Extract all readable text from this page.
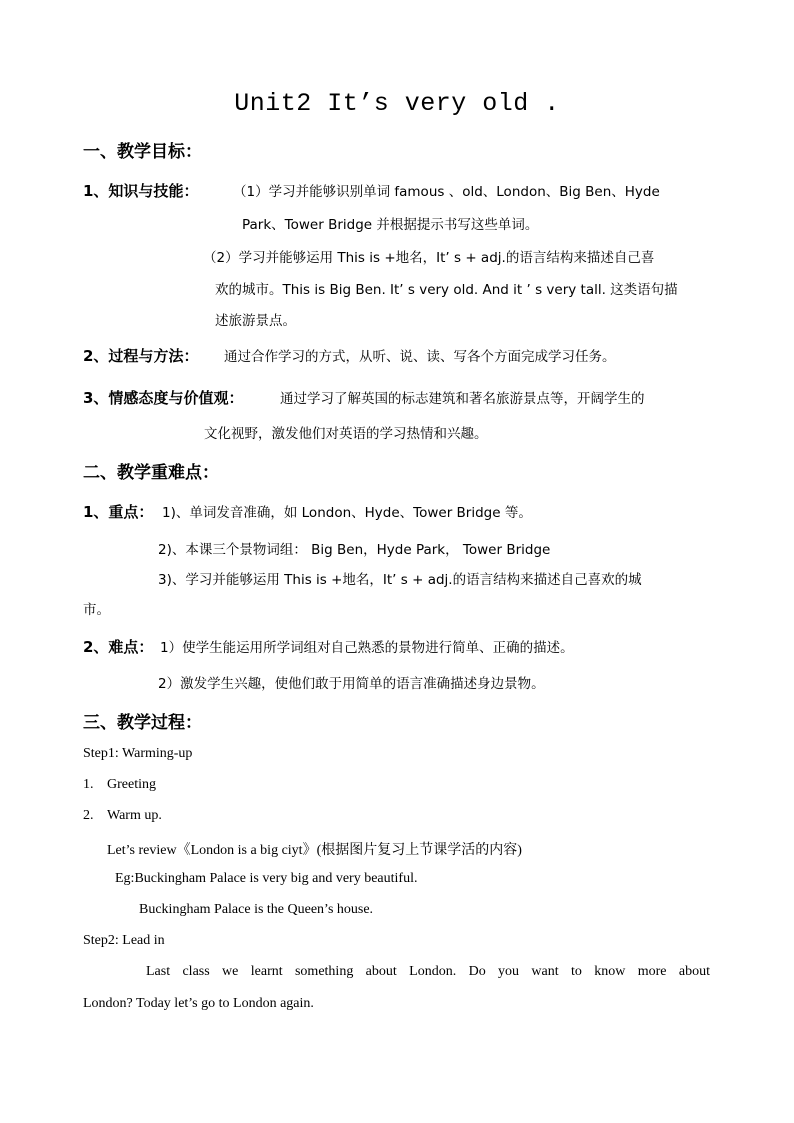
Unit2 It’s very old .
一、教学目标：
1、知识与技能：	（1）学习并能够识别单词 famous 、old、London、Big Ben、Hyde
Park、Tower Bridge 并根据提示书写这些单词。
（2）学习并能够运用 This is +地名，It’ s + adj.的语言结构来描述自己喜
欢的城市。This is Big Ben. It’ s very old. And it ’ s very tall. 这类语句描
述旅游景点。
2、过程与方法： 通过合作学习的方式，从听、说、读、写各个方面完成学习任务。
3、情感态度与价值观：	通过学习了解英国的标志建筑和著名旅游景点等，开阔学生的
文化视野，激发他们对英语的学习热情和兴趣。
二、教学重难点：
1、重点： 1)、单词发音准确，如 London、Hyde、Tower Bridge 等。
2)、本课三个景物词组： Big Ben，Hyde Park， Tower Bridge
3)、学习并能够运用 This is +地名，It’ s + adj.的语言结构来描述自己喜欢的城
市。
2、难点： 1）使学生能运用所学词组对自己熟悉的景物进行简单、正确的描述。
2）激发学生兴趣，使他们敢于用简单的语言准确描述身边景物。
三、教学过程：
Step1: Warming-up
1. Greeting
2. Warm up.
Let’s review《London is a big ciyt》(根据图片复习上节课学活的内容)
Eg:Buckingham Palace is very big and very beautiful.
Buckingham Palace is the Queen’s house.
Step2: Lead in
Last class we learnt something about London. Do you want to know more about
London? Today let’s go to London again.
